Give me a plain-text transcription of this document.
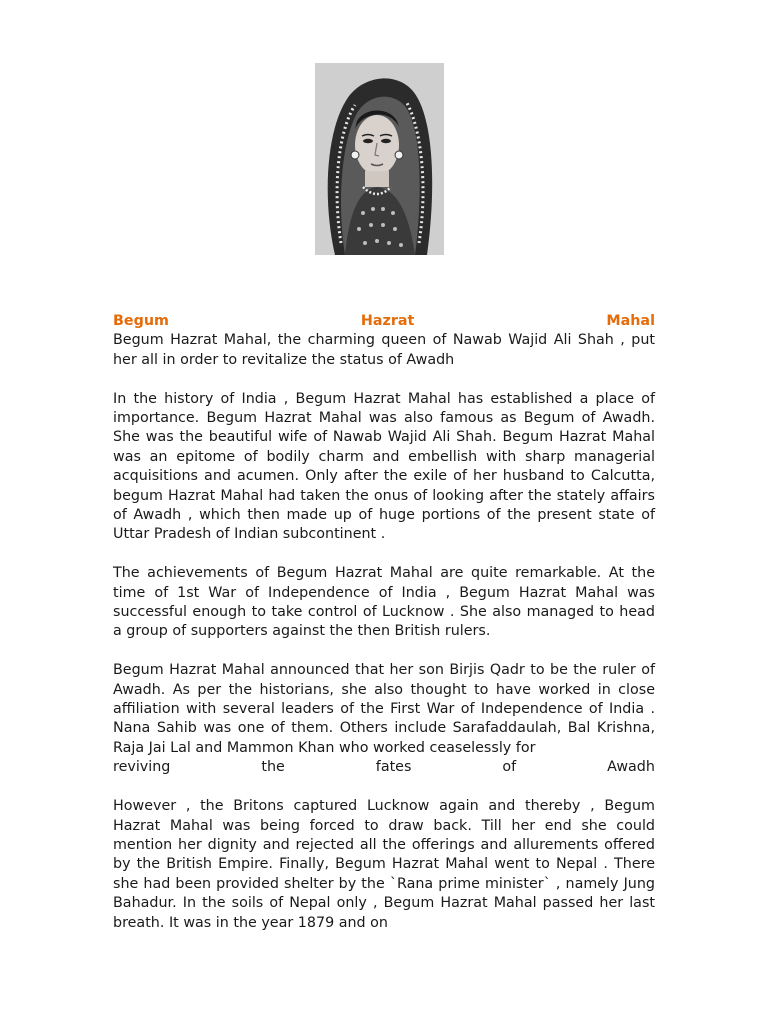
Begum	Hazrat	Mahal

Begum Hazrat Mahal, the charming queen of Nawab Wajid Ali Shah , put her all in order to revitalize the status of Awadh

In the history of India , Begum Hazrat Mahal has established a place of importance. Begum Hazrat Mahal was also famous as Begum of Awadh. She was the beautiful wife of Nawab Wajid Ali Shah. Begum Hazrat Mahal was an epitome of bodily charm and embellish with sharp managerial acquisitions and acumen. Only after the exile of her husband to Calcutta, begum Hazrat Mahal had taken the onus of looking after the stately affairs of Awadh , which then made up of huge portions of the present state of Uttar Pradesh of Indian subcontinent .

The achievements of Begum Hazrat Mahal are quite remarkable. At the time of 1st War of Independence of India , Begum Hazrat Mahal was successful enough to take control of Lucknow . She also managed to head a group of supporters against the then British rulers.

Begum Hazrat Mahal announced that her son Birjis Qadr to be the ruler of Awadh. As per the historians, she also thought to have worked in close affiliation with several leaders of the First War of Independence of India . Nana Sahib was one of them. Others include Sarafaddaulah, Bal Krishna, Raja Jai Lal and Mammon Khan who worked ceaselessly for

reviving	the	fates	of	Awadh

However , the Britons captured Lucknow again and thereby , Begum Hazrat Mahal was being forced to draw back. Till her end she could mention her dignity and rejected all the offerings and allurements offered by the British Empire. Finally, Begum Hazrat Mahal went to Nepal . There she had been provided shelter by the `Rana prime minister` , namely Jung Bahadur. In the soils of Nepal only , Begum Hazrat Mahal passed her last breath. It was in the year 1879 and on
